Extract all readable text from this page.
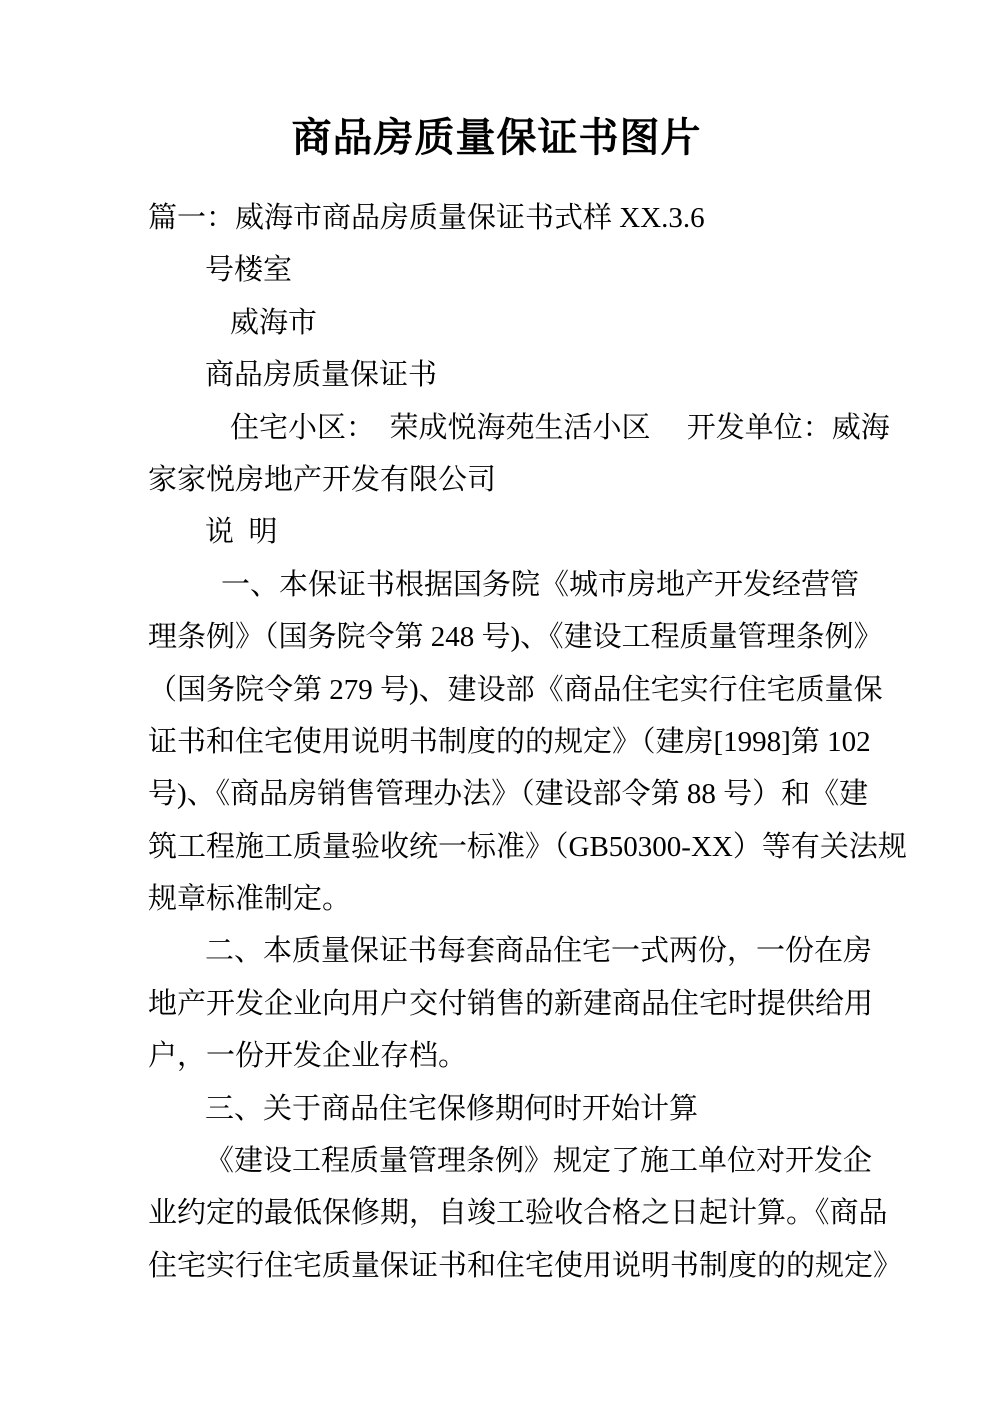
商品房质量保证书图片
篇一：威海市商品房质量保证书式样 XX.3.6
号楼室
威海市
商品房质量保证书
住宅小区：  荣成悦海苑生活小区     开发单位：威海
家家悦房地产开发有限公司
说  明
一、本保证书根据国务院《城市房地产开发经营管
理条例》（国务院令第 248 号)、《建设工程质量管理条例》
（国务院令第 279 号)、建设部《商品住宅实行住宅质量保
证书和住宅使用说明书制度的的规定》（建房[1998]第 102
号)、《商品房销售管理办法》（建设部令第 88 号）和《建
筑工程施工质量验收统一标准》（GB50300-XX）等有关法规
规章标准制定。
二、本质量保证书每套商品住宅一式两份，一份在房
地产开发企业向用户交付销售的新建商品住宅时提供给用
户，一份开发企业存档。
三、关于商品住宅保修期何时开始计算
《建设工程质量管理条例》规定了施工单位对开发企
业约定的最低保修期，自竣工验收合格之日起计算。《商品
住宅实行住宅质量保证书和住宅使用说明书制度的的规定》
